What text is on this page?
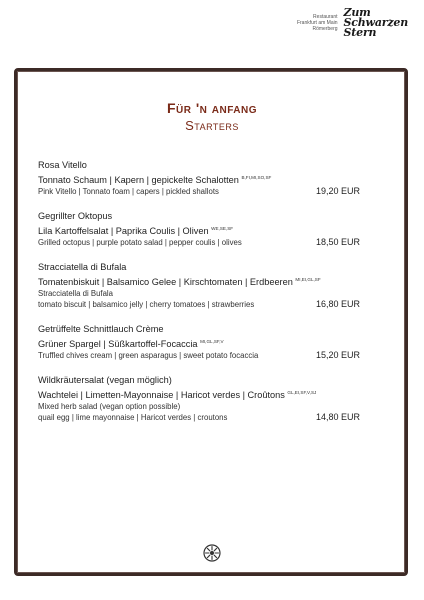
Restaurant
Frankfurt am Main
Römerberg
Zum
Schwarzen
Stern
Für 'n anfang
Starters
Rosa Vitello
Tonnato Schaum | Kapern | gepickelte Schalotten $^{B,FI,MI,SO,SF}$
Pink Vitello | Tonnato foam | capers | pickled shallots	19,20 EUR
Gegrillter Oktopus
Lila Kartoffelsalat | Paprika Coulis | Oliven $^{WE,SE,SF}$
Grilled octopus | purple potato salad | pepper coulis | olives	18,50 EUR
Stracciatella di Bufala
Tomatenbiskuit | Balsamico Gelee | Kirschtomaten | Erdbeeren $^{MI,EI,GL,SF}$
Stracciatella di Bufala
tomato biscuit | balsamico jelly | cherry tomatoes | strawberries	16,80 EUR
Getrüffelte Schnittlauch Crème
Grüner Spargel | Süßkartoffel-Focaccia $^{MI,GL,SF,V}$
Truffled chives cream | green asparagus | sweet potato focaccia	15,20 EUR
Wildkräutersalat (vegan möglich)
Wachtelei | Limetten-Mayonnaise | Haricot verdes | Croûtons $^{GL,EI,SF,V,SJ}$
Mixed herb salad (vegan option possible)
quail egg | lime mayonnaise | Haricot verdes | croutons	14,80 EUR
